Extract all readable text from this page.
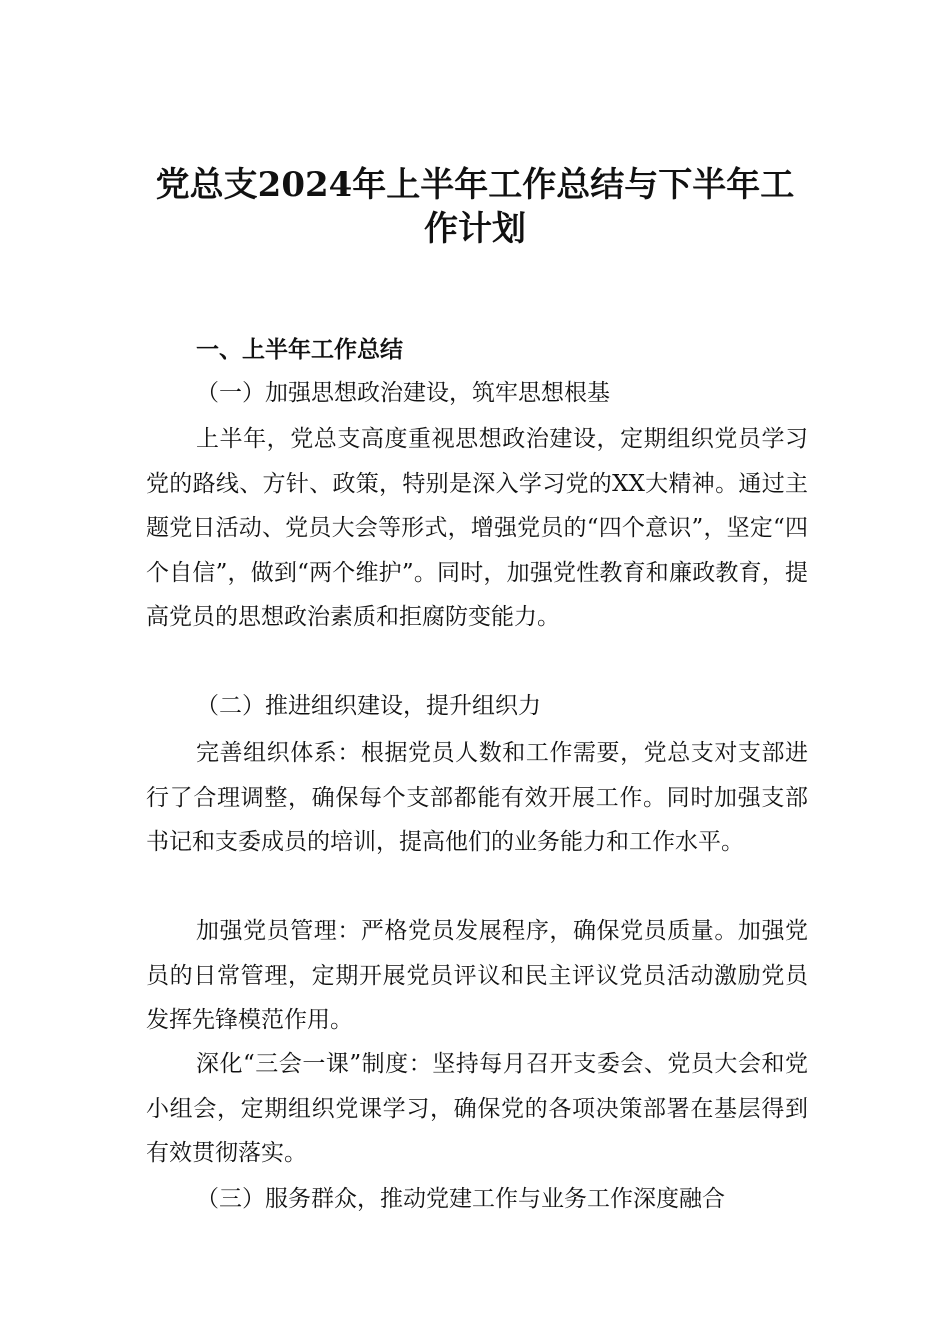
党总支2024年上半年工作总结与下半年工
作计划
一、上半年工作总结
（一）加强思想政治建设，筑牢思想根基

上半年，党总支高度重视思想政治建设，定期组织党员学习党的路线、方针、政策，特别是深入学习党的XX大精神。通过主题党日活动、党员大会等形式，增强党员的“四个意识”，坚定“四个自信”，做到“两个维护”。同时，加强党性教育和廉政教育，提高党员的思想政治素质和拒腐防变能力。

（二）推进组织建设，提升组织力

完善组织体系：根据党员人数和工作需要，党总支对支部进行了合理调整，确保每个支部都能有效开展工作。同时加强支部书记和支委成员的培训，提高他们的业务能力和工作水平。

加强党员管理：严格党员发展程序，确保党员质量。加强党员的日常管理，定期开展党员评议和民主评议党员活动激励党员发挥先锋模范作用。

深化“三会一课”制度：坚持每月召开支委会、党员大会和党小组会，定期组织党课学习，确保党的各项决策部署在基层得到有效贯彻落实。

（三）服务群众，推动党建工作与业务工作深度融合
